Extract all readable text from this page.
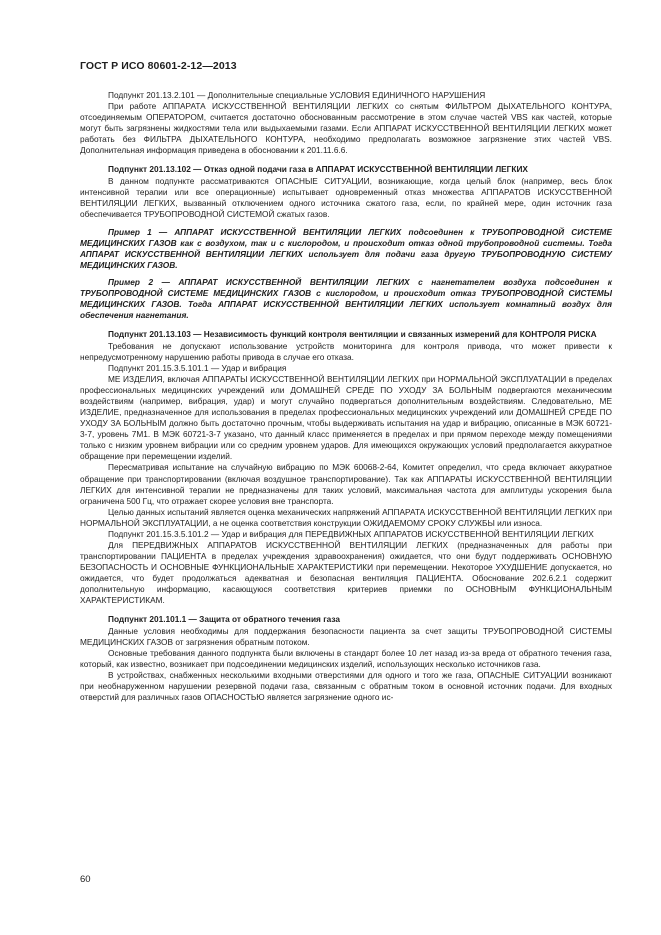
ГОСТ Р ИСО 80601-2-12—2013

Подпункт 201.13.2.101 — Дополнительные специальные УСЛОВИЯ ЕДИНИЧНОГО НАРУШЕНИЯ

При работе АППАРАТА ИСКУССТВЕННОЙ ВЕНТИЛЯЦИИ ЛЕГКИХ со снятым ФИЛЬТРОМ ДЫХАТЕЛЬНОГО КОНТУРА, отсоединяемым ОПЕРАТОРОМ, считается достаточно обоснованным рассмотрение в этом случае частей VBS как частей, которые могут быть загрязнены жидкостями тела или выдыхаемыми газами. Если АППАРАТ ИСКУССТВЕННОЙ ВЕНТИЛЯЦИИ ЛЕГКИХ может работать без ФИЛЬТРА ДЫХАТЕЛЬНОГО КОНТУРА, необходимо предполагать возможное загрязнение этих частей VBS. Дополнительная информация приведена в обосновании к 201.11.6.6.

Подпункт 201.13.102 — Отказ одной подачи газа в АППАРАТ ИСКУССТВЕННОЙ ВЕНТИЛЯЦИИ ЛЕГКИХ

В данном подпункте рассматриваются ОПАСНЫЕ СИТУАЦИИ, возникающие, когда целый блок (например, весь блок интенсивной терапии или все операционные) испытывает одновременный отказ множества АППАРАТОВ ИСКУССТВЕННОЙ ВЕНТИЛЯЦИИ ЛЕГКИХ, вызванный отключением одного источника сжатого газа, если, по крайней мере, один источник газа обеспечивается ТРУБОПРОВОДНОЙ СИСТЕМОЙ сжатых газов.

Пример 1 — АППАРАТ ИСКУССТВЕННОЙ ВЕНТИЛЯЦИИ ЛЕГКИХ подсоединен к ТРУБОПРОВОДНОЙ СИСТЕМЕ МЕДИЦИНСКИХ ГАЗОВ как с воздухом, так и с кислородом, и происходит отказ одной трубопроводной системы. Тогда АППАРАТ ИСКУССТВЕННОЙ ВЕНТИЛЯЦИИ ЛЕГКИХ использует для подачи газа другую ТРУБОПРОВОДНУЮ СИСТЕМУ МЕДИЦИНСКИХ ГАЗОВ.

Пример 2 — АППАРАТ ИСКУССТВЕННОЙ ВЕНТИЛЯЦИИ ЛЕГКИХ с нагнетателем воздуха подсоединен к ТРУБОПРОВОДНОЙ СИСТЕМЕ МЕДИЦИНСКИХ ГАЗОВ с кислородом, и происходит отказ ТРУБОПРОВОДНОЙ СИСТЕМЫ МЕДИЦИНСКИХ ГАЗОВ. Тогда АППАРАТ ИСКУССТВЕННОЙ ВЕНТИЛЯЦИИ ЛЕГКИХ использует комнатный воздух для обеспечения нагнетания.

Подпункт 201.13.103 — Независимость функций контроля вентиляции и связанных измерений для КОНТРОЛЯ РИСКА

Требования не допускают использование устройств мониторинга для контроля привода, что может привести к непредусмотренному нарушению работы привода в случае его отказа.

Подпункт 201.15.3.5.101.1 — Удар и вибрация

МЕ ИЗДЕЛИЯ, включая АППАРАТЫ ИСКУССТВЕННОЙ ВЕНТИЛЯЦИИ ЛЕГКИХ при НОРМАЛЬНОЙ ЭКСПЛУАТАЦИИ в пределах профессиональных медицинских учреждений или ДОМАШНЕЙ СРЕДЕ ПО УХОДУ ЗА БОЛЬНЫМ подвергаются механическим воздействиям (например, вибрация, удар) и могут случайно подвергаться дополнительным воздействиям. Следовательно, МЕ ИЗДЕЛИЕ, предназначенное для использования в пределах профессиональных медицинских учреждений или ДОМАШНЕЙ СРЕДЕ ПО УХОДУ ЗА БОЛЬНЫМ должно быть достаточно прочным, чтобы выдерживать испытания на удар и вибрацию, описанные в МЭК 60721-3-7, уровень 7М1. В МЭК 60721-3-7 указано, что данный класс применяется в пределах и при прямом переходе между помещениями только с низким уровнем вибрации или со средним уровнем ударов. Для имеющихся окружающих условий предполагается аккуратное обращение при перемещении изделий.

Пересматривая испытание на случайную вибрацию по МЭК 60068-2-64, Комитет определил, что среда включает аккуратное обращение при транспортировании (включая воздушное транспортирование). Так как АППАРАТЫ ИСКУССТВЕННОЙ ВЕНТИЛЯЦИИ ЛЕГКИХ для интенсивной терапии не предназначены для таких условий, максимальная частота для амплитуды ускорения была ограничена 500 Гц, что отражает скорее условия вне транспорта.

Целью данных испытаний является оценка механических напряжений АППАРАТА ИСКУССТВЕННОЙ ВЕНТИЛЯЦИИ ЛЕГКИХ при НОРМАЛЬНОЙ ЭКСПЛУАТАЦИИ, а не оценка соответствия конструкции ОЖИДАЕМОМУ СРОКУ СЛУЖБЫ или износа.

Подпункт 201.15.3.5.101.2 — Удар и вибрация для ПЕРЕДВИЖНЫХ АППАРАТОВ ИСКУССТВЕННОЙ ВЕНТИЛЯЦИИ ЛЕГКИХ

Для ПЕРЕДВИЖНЫХ АППАРАТОВ ИСКУССТВЕННОЙ ВЕНТИЛЯЦИИ ЛЕГКИХ (предназначенных для работы при транспортировании ПАЦИЕНТА в пределах учреждения здравоохранения) ожидается, что они будут поддерживать ОСНОВНУЮ БЕЗОПАСНОСТЬ И ОСНОВНЫЕ ФУНКЦИОНАЛЬНЫЕ ХАРАКТЕРИСТИКИ при перемещении. Некоторое УХУДШЕНИЕ допускается, но ожидается, что будет продолжаться адекватная и безопасная вентиляция ПАЦИЕНТА. Обоснование 202.6.2.1 содержит дополнительную информацию, касающуюся соответствия критериев приемки по ОСНОВНЫМ ФУНКЦИОНАЛЬНЫМ ХАРАКТЕРИСТИКАМ.

Подпункт 201.101.1 — Защита от обратного течения газа

Данные условия необходимы для поддержания безопасности пациента за счет защиты ТРУБОПРОВОДНОЙ СИСТЕМЫ МЕДИЦИНСКИХ ГАЗОВ от загрязнения обратным потоком.

Основные требования данного подпункта были включены в стандарт более 10 лет назад из-за вреда от обратного течения газа, который, как известно, возникает при подсоединении медицинских изделий, использующих несколько источников газа.

В устройствах, снабженных несколькими входными отверстиями для одного и того же газа, ОПАСНЫЕ СИТУАЦИИ возникают при необнаруженном нарушении резервной подачи газа, связанным с обратным током в основной источник подачи. Для входных отверстий для различных газов ОПАСНОСТЬЮ является загрязнение одного ис-

60
